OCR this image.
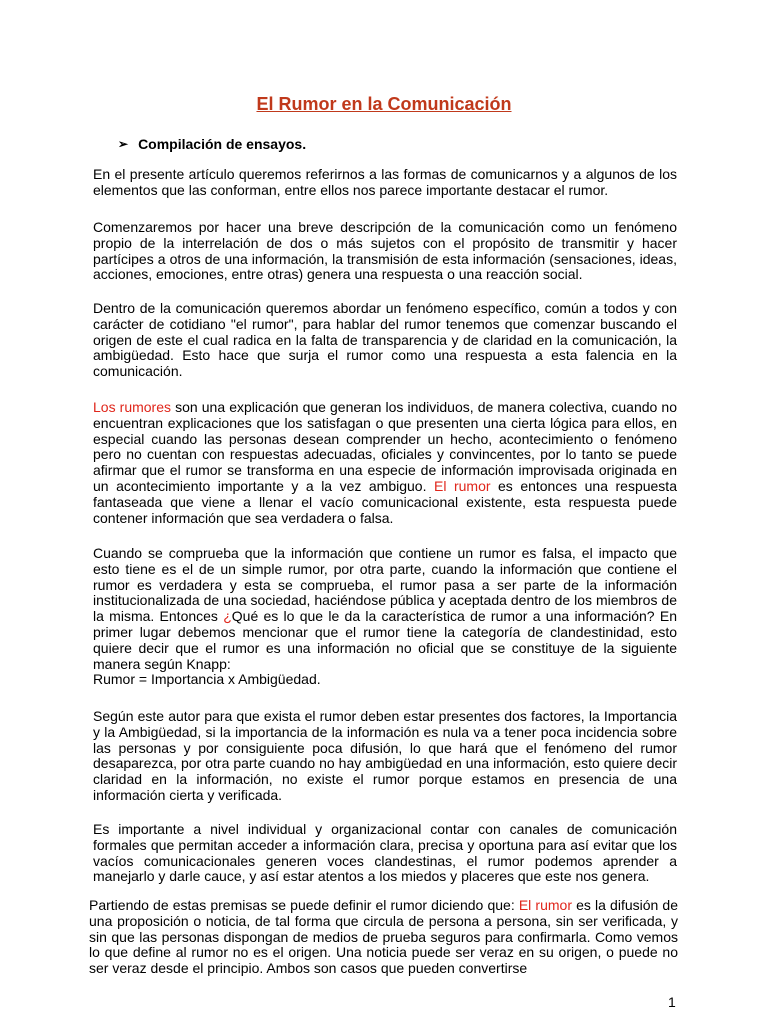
El Rumor en la Comunicación
➢ Compilación de ensayos.
En el presente artículo queremos referirnos a las formas de comunicarnos y a algunos de los elementos que las conforman, entre ellos nos parece importante destacar el rumor.
Comenzaremos por hacer una breve descripción de la comunicación como un fenómeno propio de la interrelación de dos o más sujetos con el propósito de transmitir y hacer partícipes a otros de una información, la transmisión de esta información (sensaciones, ideas, acciones, emociones, entre otras) genera una respuesta o una reacción social.
Dentro de la comunicación queremos abordar un fenómeno específico, común a todos y con carácter de cotidiano "el rumor", para hablar del rumor tenemos que comenzar buscando el origen de este el cual radica en la falta de transparencia y de claridad en la comunicación, la ambigüedad. Esto hace que surja el rumor como una respuesta a esta falencia en la comunicación.
Los rumores son una explicación que generan los individuos, de manera colectiva, cuando no encuentran explicaciones que los satisfagan o que presenten una cierta lógica para ellos, en especial cuando las personas desean comprender un hecho, acontecimiento o fenómeno pero no cuentan con respuestas adecuadas, oficiales y convincentes, por lo tanto se puede afirmar que el rumor se transforma en una especie de información improvisada originada en un acontecimiento importante y a la vez ambiguo. El rumor es entonces una respuesta fantaseada que viene a llenar el vacío comunicacional existente, esta respuesta puede contener información que sea verdadera o falsa.
Cuando se comprueba que la información que contiene un rumor es falsa, el impacto que esto tiene es el de un simple rumor, por otra parte, cuando la información que contiene el rumor es verdadera y esta se comprueba, el rumor pasa a ser parte de la información institucionalizada de una sociedad, haciéndose pública y aceptada dentro de los miembros de la misma. Entonces ¿Qué es lo que le da la característica de rumor a una información? En primer lugar debemos mencionar que el rumor tiene la categoría de clandestinidad, esto quiere decir que el rumor es una información no oficial que se constituye de la siguiente manera según Knapp:
Rumor = Importancia x Ambigüedad.
Según este autor para que exista el rumor deben estar presentes dos factores, la Importancia y la Ambigüedad, si la importancia de la información es nula va a tener poca incidencia sobre las personas y por consiguiente poca difusión, lo que hará que el fenómeno del rumor desaparezca, por otra parte cuando no hay ambigüedad en una información, esto quiere decir claridad en la información, no existe el rumor porque estamos en presencia de una información cierta y verificada.
Es importante a nivel individual y organizacional contar con canales de comunicación formales que permitan acceder a información clara, precisa y oportuna para así evitar que los vacíos comunicacionales generen voces clandestinas, el rumor podemos aprender a manejarlo y darle cauce, y así estar atentos a los miedos y placeres que este nos genera.
Partiendo de estas premisas se puede definir el rumor diciendo que: El rumor es la difusión de una proposición o noticia, de tal forma que circula de persona a persona, sin ser verificada, y sin que las personas dispongan de medios de prueba seguros para confirmarla. Como vemos lo que define al rumor no es el origen. Una noticia puede ser veraz en su origen, o puede no ser veraz desde el principio. Ambos son casos que pueden convertirse
1
